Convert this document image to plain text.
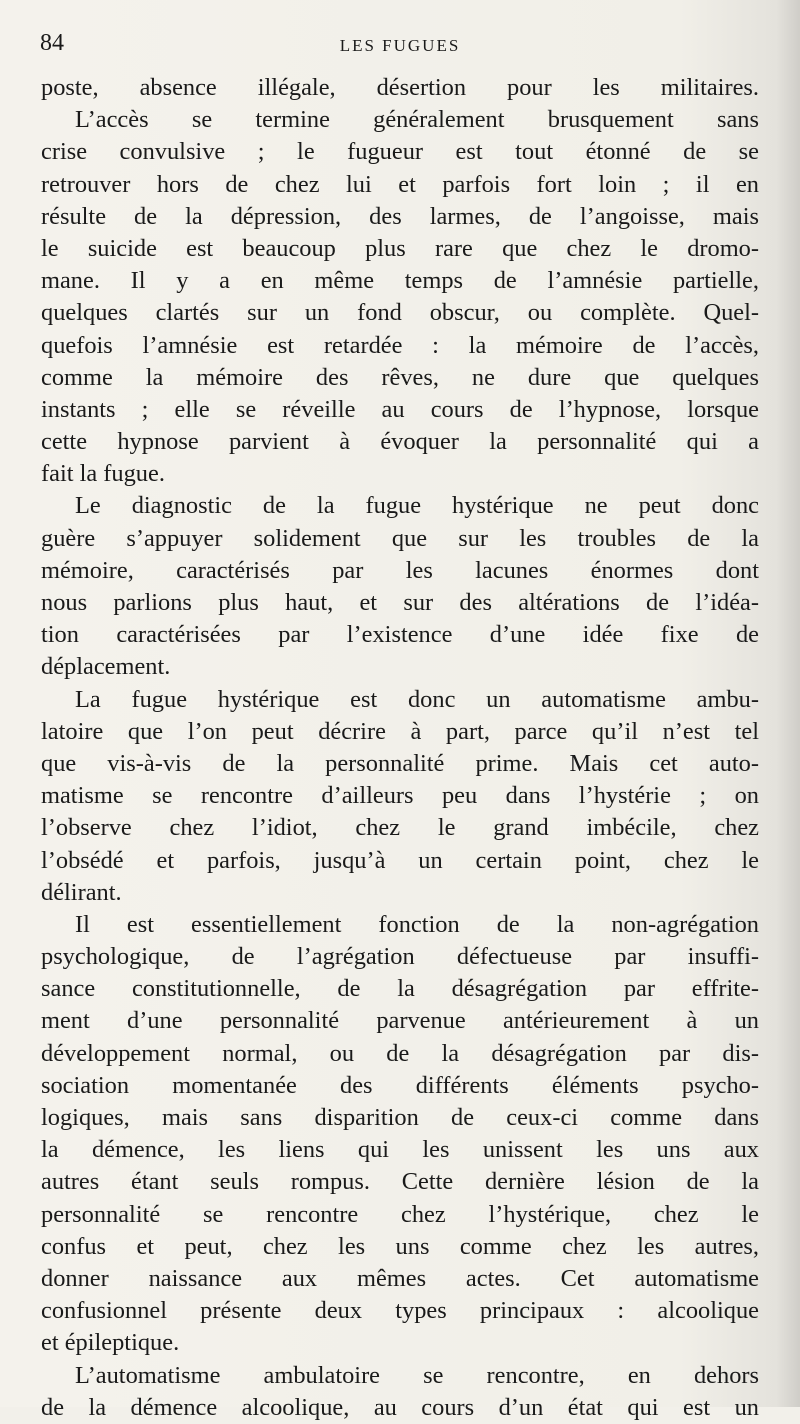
84	LES FUGUES
poste, absence illégale, désertion pour les militaires.
L’accès se termine généralement brusquement sans
crise convulsive ; le fugueur est tout étonné de se
retrouver hors de chez lui et parfois fort loin ; il en
résulte de la dépression, des larmes, de l’angoisse, mais
le suicide est beaucoup plus rare que chez le dromo-
mane. Il y a en même temps de l’amnésie partielle,
quelques clartés sur un fond obscur, ou complète. Quel-
quefois l’amnésie est retardée : la mémoire de l’accès,
comme la mémoire des rêves, ne dure que quelques
instants ; elle se réveille au cours de l’hypnose, lorsque
cette hypnose parvient à évoquer la personnalité qui a
fait la fugue.
Le diagnostic de la fugue hystérique ne peut donc
guère s’appuyer solidement que sur les troubles de la
mémoire, caractérisés par les lacunes énormes dont
nous parlions plus haut, et sur des altérations de l’idéa-
tion caractérisées par l’existence d’une idée fixe de
déplacement.
La fugue hystérique est donc un automatisme ambu-
latoire que l’on peut décrire à part, parce qu’il n’est tel
que vis-à-vis de la personnalité prime. Mais cet auto-
matisme se rencontre d’ailleurs peu dans l’hystérie ; on
l’observe chez l’idiot, chez le grand imbécile, chez
l’obsédé et parfois, jusqu’à un certain point, chez le
délirant.
Il est essentiellement fonction de la non-agrégation
psychologique, de l’agrégation défectueuse par insuffi-
sance constitutionnelle, de la désagrégation par effrite-
ment d’une personnalité parvenue antérieurement à un
développement normal, ou de la désagrégation par dis-
sociation momentanée des différents éléments psycho-
logiques, mais sans disparition de ceux-ci comme dans
la démence, les liens qui les unissent les uns aux
autres étant seuls rompus. Cette dernière lésion de la
personnalité se rencontre chez l’hystérique, chez le
confus et peut, chez les uns comme chez les autres,
donner naissance aux mêmes actes. Cet automatisme
confusionnel présente deux types principaux : alcoolique
et épileptique.
L’automatisme ambulatoire se rencontre, en dehors
de la démence alcoolique, au cours d’un état qui est un
